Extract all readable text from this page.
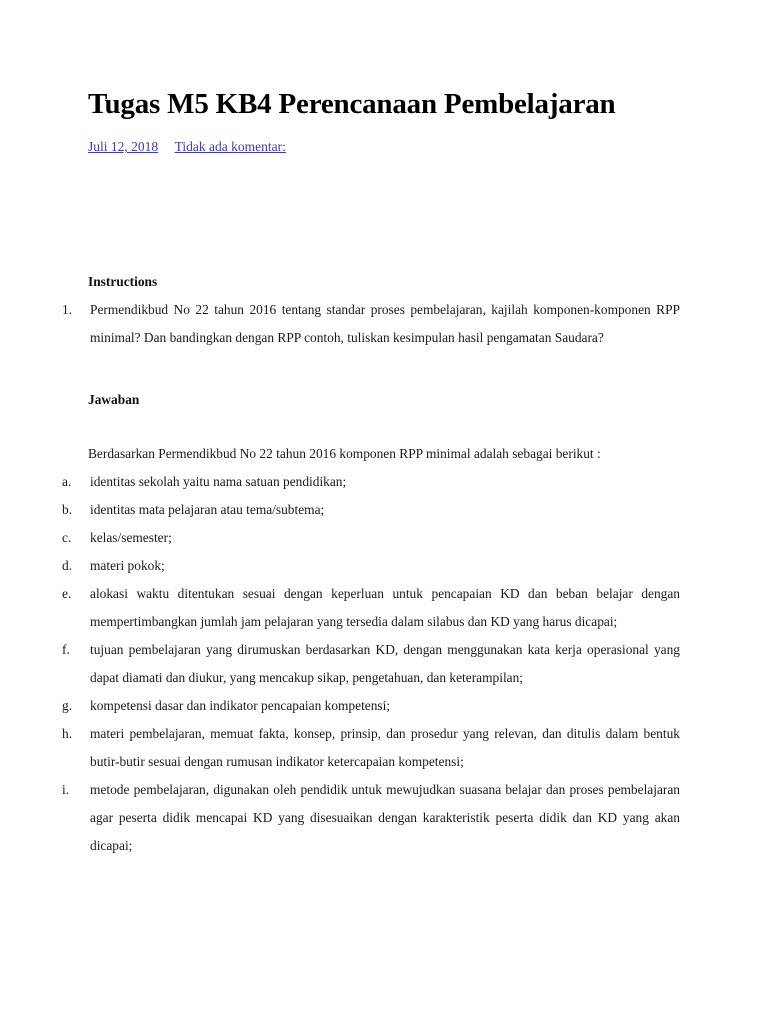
Tugas M5 KB4 Perencanaan Pembelajaran
Juli 12, 2018 Tidak ada komentar:
Instructions
1.	Permendikbud No 22 tahun 2016 tentang standar proses pembelajaran, kajilah komponen-komponen RPP minimal? Dan bandingkan dengan RPP contoh, tuliskan kesimpulan hasil pengamatan Saudara?
Jawaban
Berdasarkan Permendikbud No 22 tahun 2016 komponen RPP minimal adalah sebagai berikut :
a.	identitas sekolah yaitu nama satuan pendidikan;
b.	identitas mata pelajaran atau tema/subtema;
c.	kelas/semester;
d.	materi pokok;
e.	alokasi waktu ditentukan sesuai dengan keperluan untuk pencapaian KD dan beban belajar dengan mempertimbangkan jumlah jam pelajaran yang tersedia dalam silabus dan KD yang harus dicapai;
f.	tujuan pembelajaran yang dirumuskan berdasarkan KD, dengan menggunakan kata kerja operasional yang dapat diamati dan diukur, yang mencakup sikap, pengetahuan, dan keterampilan;
g.	kompetensi dasar dan indikator pencapaian kompetensi;
h.	materi pembelajaran, memuat fakta, konsep, prinsip, dan prosedur yang relevan, dan ditulis dalam bentuk butir-butir sesuai dengan rumusan indikator ketercapaian kompetensi;
i.	metode pembelajaran, digunakan oleh pendidik untuk mewujudkan suasana belajar dan proses pembelajaran agar peserta didik mencapai KD yang disesuaikan dengan karakteristik peserta didik dan KD yang akan dicapai;
